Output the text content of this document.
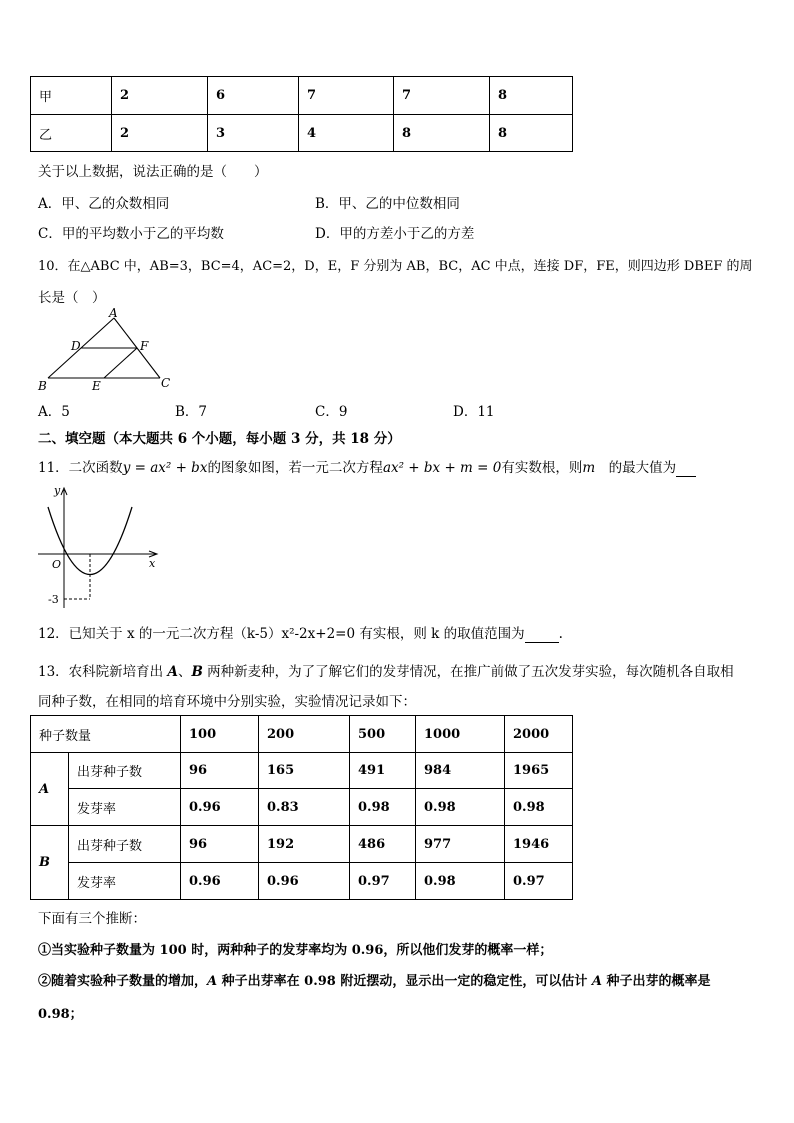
甲	2	6	7	7	8
乙	2	3	4	8	8
关于以上数据，说法正确的是（　　）
A．甲、乙的众数相同	B．甲、乙的中位数相同
C．甲的平均数小于乙的平均数	D．甲的方差小于乙的方差
10．在△ABC 中，AB=3，BC=4，AC=2，D，E，F 分别为 AB，BC，AC 中点，连接 DF，FE，则四边形 DBEF 的周
长是（　）
A
D	F
B	E	C
A．5	B．7	C．9	D．11
二、填空题（本大题共 6 个小题，每小题 3 分，共 18 分）
11．二次函数y = ax² + bx的图象如图，若一元二次方程ax² + bx + m = 0有实数根，则m　 的最大值为
y
x
O
-3
12．已知关于 x 的一元二次方程（k-5）x²-2x+2=0 有实根，则 k 的取值范围为	.
13．农科院新培育出 A、B 两种新麦种，为了了解它们的发芽情况，在推广前做了五次发芽实验，每次随机各自取相
同种子数，在相同的培育环境中分别实验，实验情况记录如下：
种子数量		100	200	500	1000	2000
A	出芽种子数	96	165	491	984	1965
	发芽率	0.96	0.83	0.98	0.98	0.98
B	出芽种子数	96	192	486	977	1946
	发芽率	0.96	0.96	0.97	0.98	0.97
下面有三个推断：
①当实验种子数量为 100 时，两种种子的发芽率均为 0.96，所以他们发芽的概率一样；
②随着实验种子数量的增加，A 种子出芽率在 0.98 附近摆动，显示出一定的稳定性，可以估计 A 种子出芽的概率是
0.98；
